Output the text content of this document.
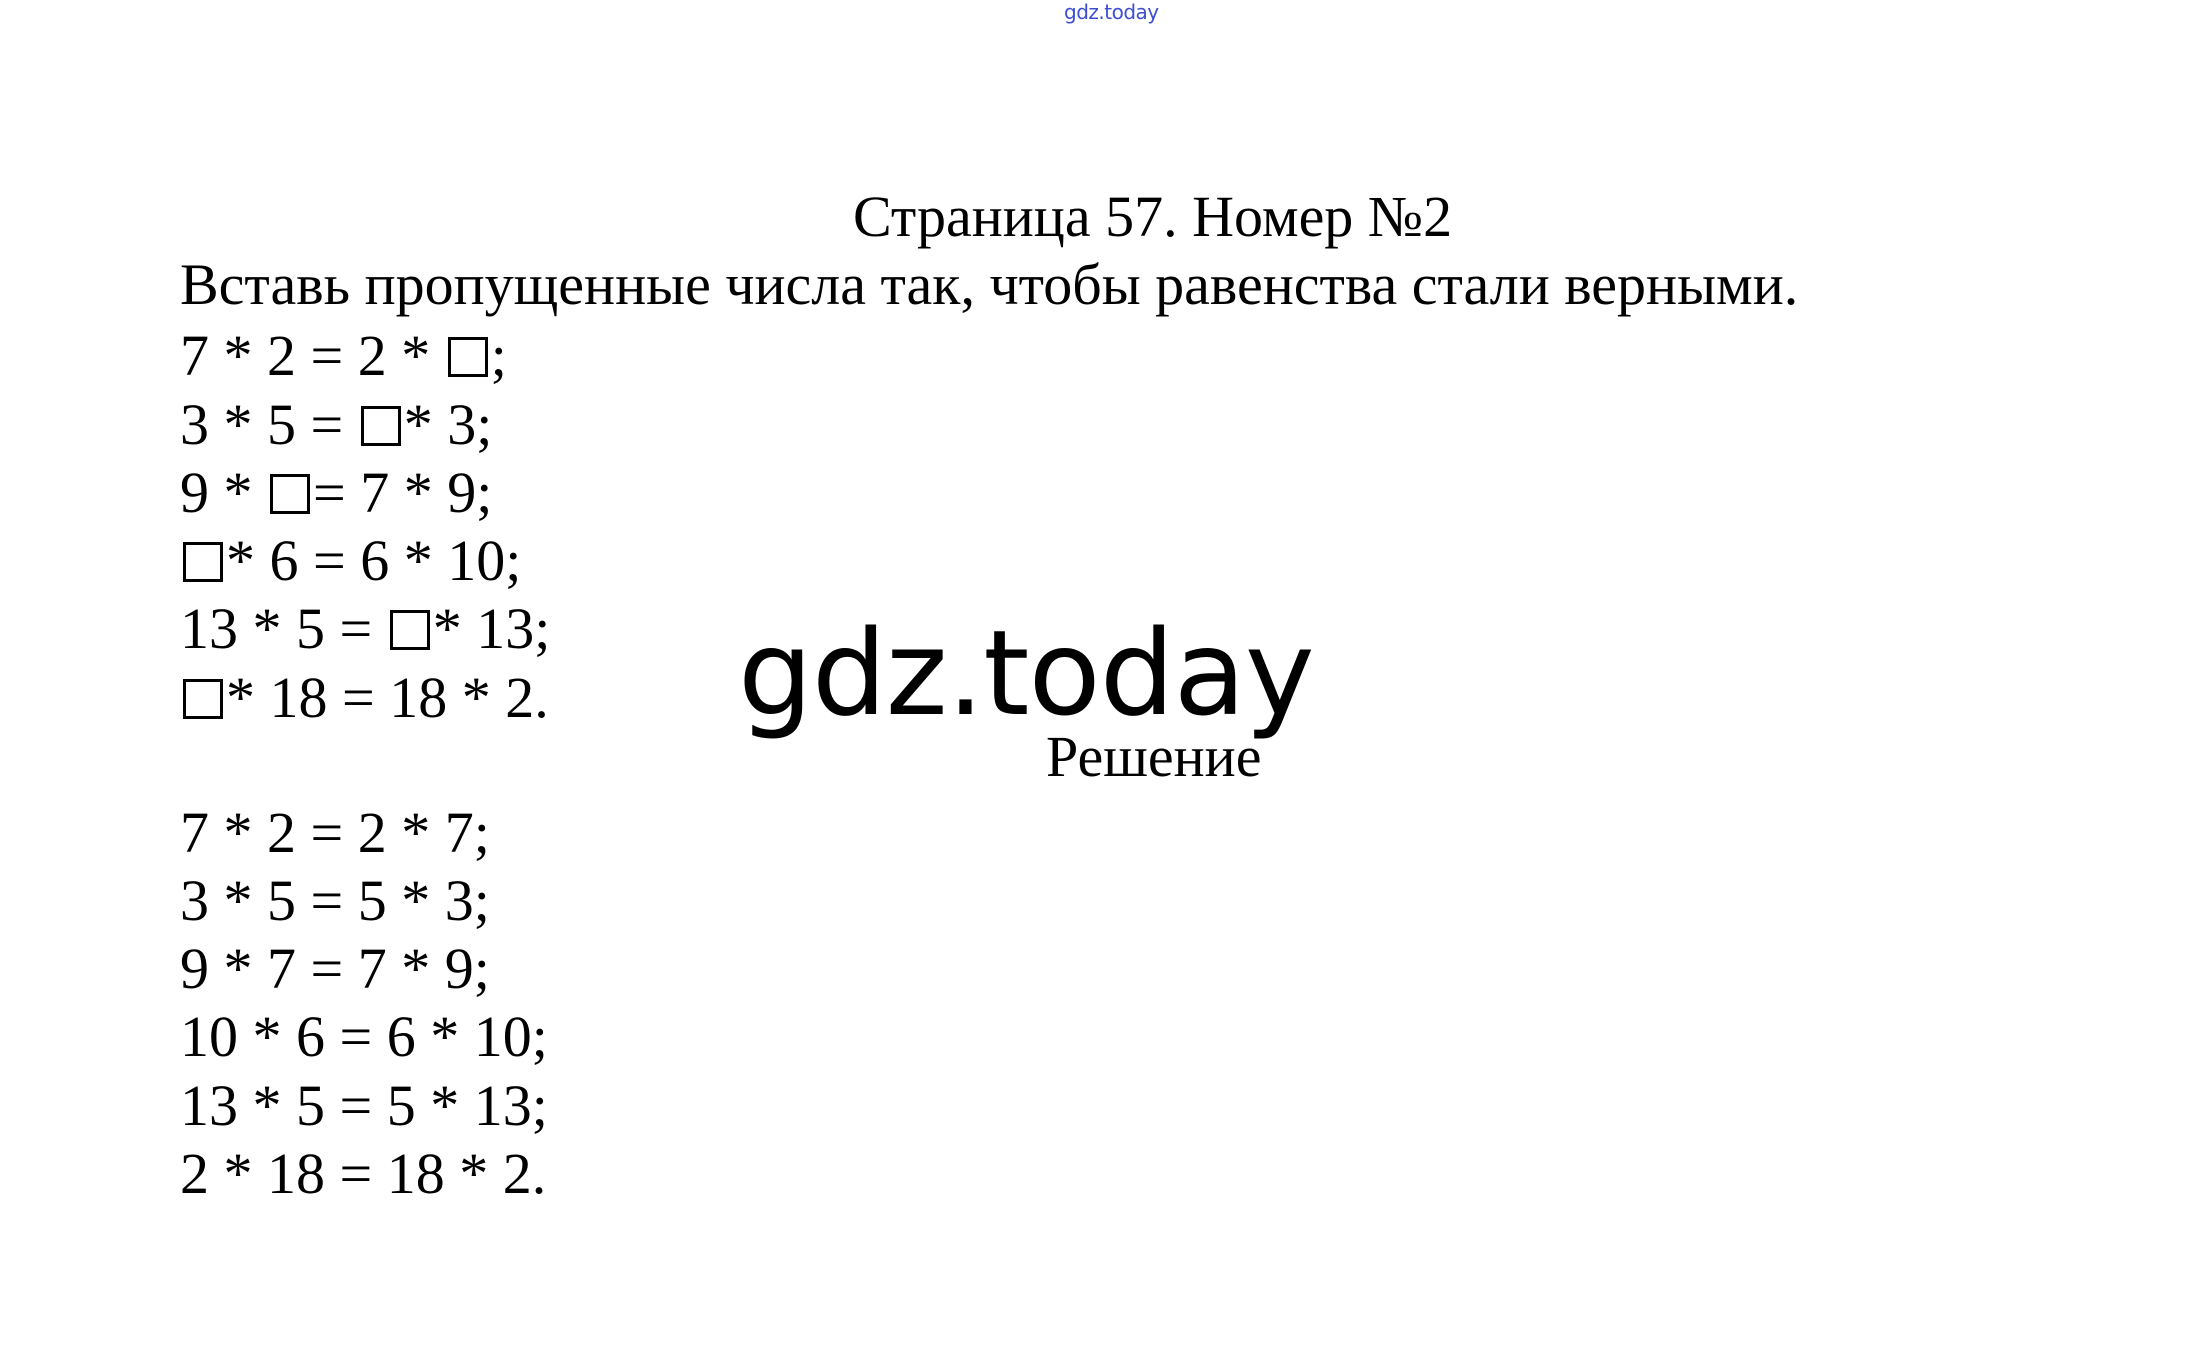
gdz.today
Страница 57. Номер №2
Вставь пропущенные числа так, чтобы равенства стали верными.
7 * 2 = 2 * ;
3 * 5 = * 3;
9 * = 7 * 9;
* 6 = 6 * 10;
13 * 5 = * 13;
* 18 = 18 * 2. gdz.today
Решение
7 * 2 = 2 * 7;
3 * 5 = 5 * 3;
9 * 7 = 7 * 9;
10 * 6 = 6 * 10;
13 * 5 = 5 * 13;
2 * 18 = 18 * 2.
